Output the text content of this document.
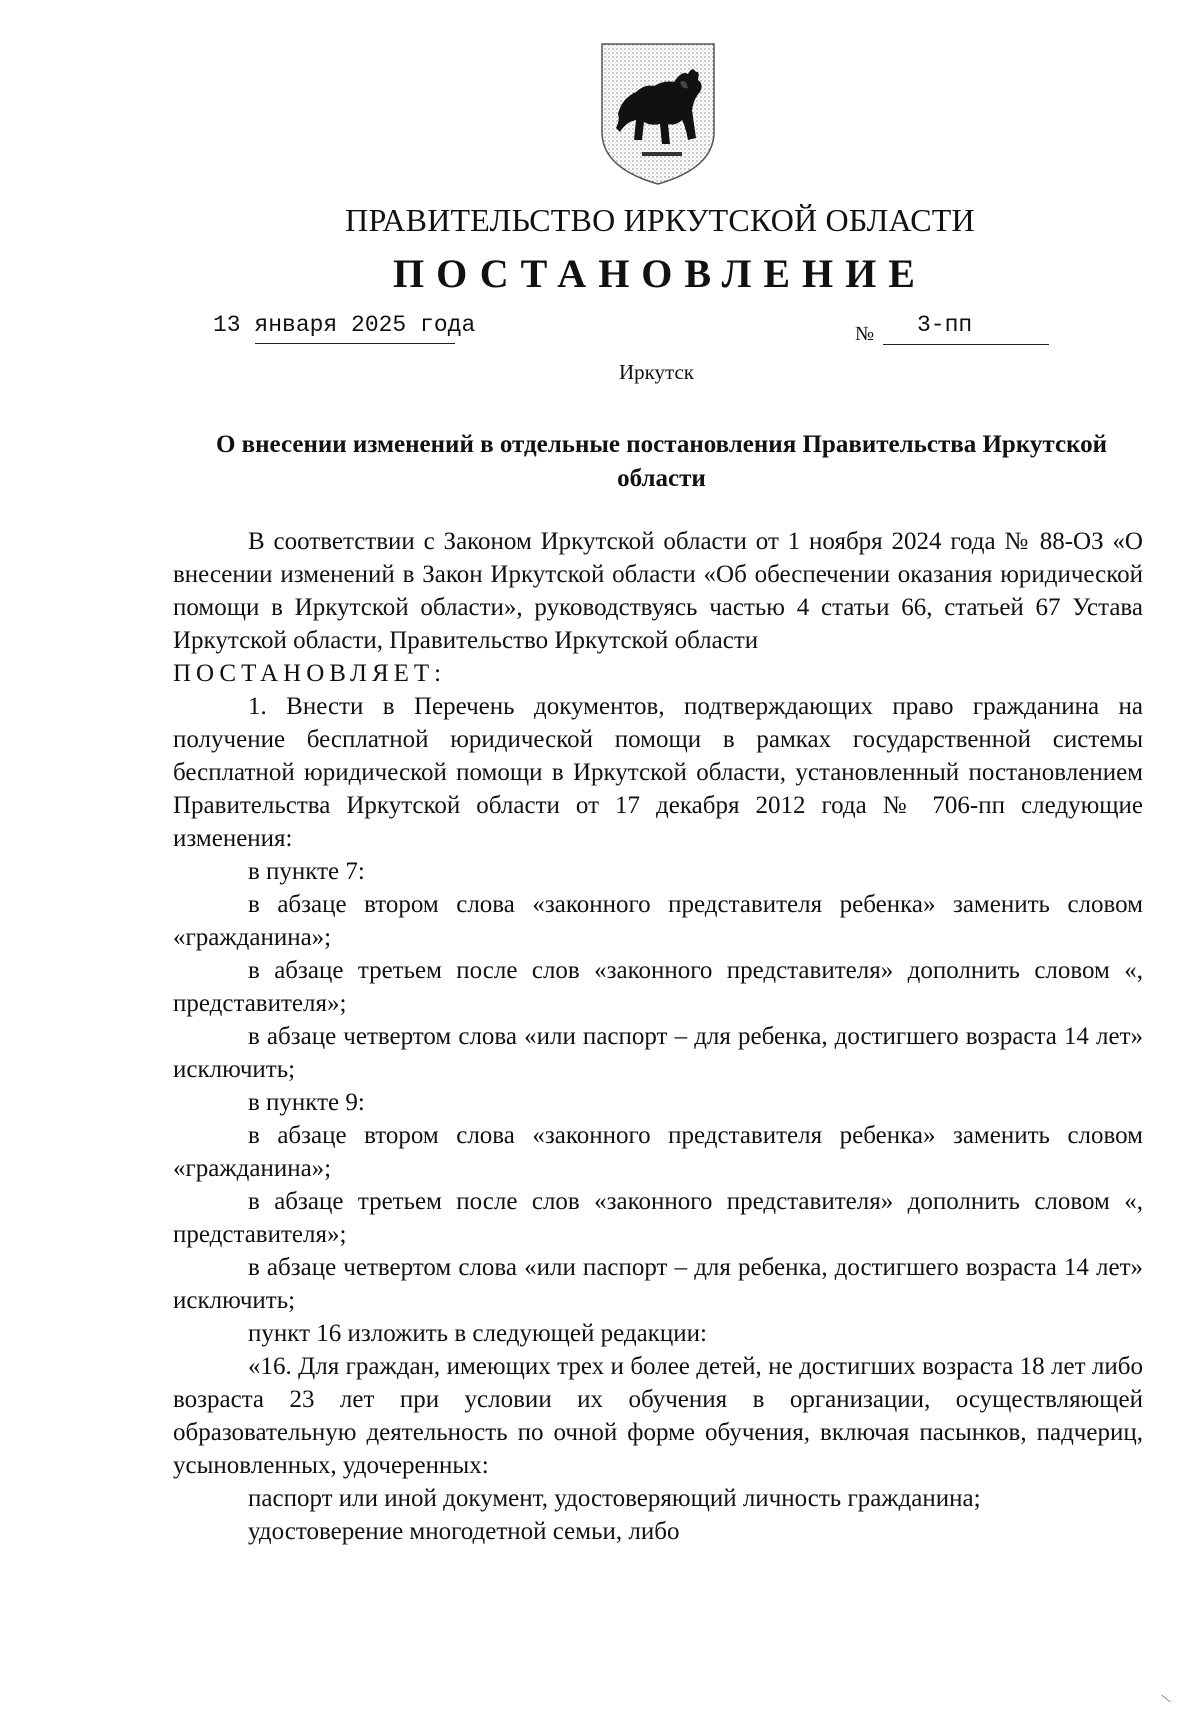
ПРАВИТЕЛЬСТВО ИРКУТСКОЙ ОБЛАСТИ
ПОСТАНОВЛЕНИЕ
13 января 2025 года	№ 3-пп
Иркутск
О внесении изменений в отдельные постановления Правительства Иркутской области

В соответствии с Законом Иркутской области от 1 ноября 2024 года № 88-ОЗ «О внесении изменений в Закон Иркутской области «Об обеспечении оказания юридической помощи в Иркутской области», руководствуясь частью 4 статьи 66, статьей 67 Устава Иркутской области, Правительство Иркутской области

ПОСТАНОВЛЯЕТ:

1. Внести в Перечень документов, подтверждающих право гражданина на получение бесплатной юридической помощи в рамках государственной системы бесплатной юридической помощи в Иркутской области, установленный постановлением Правительства Иркутской области от 17 декабря 2012 года № 706-пп следующие изменения:

в пункте 7:

в абзаце втором слова «законного представителя ребенка» заменить словом «гражданина»;

в абзаце третьем после слов «законного представителя» дополнить словом «, представителя»;

в абзаце четвертом слова «или паспорт – для ребенка, достигшего возраста 14 лет» исключить;

в пункте 9:

в абзаце втором слова «законного представителя ребенка» заменить словом «гражданина»;

в абзаце третьем после слов «законного представителя» дополнить словом «, представителя»;

в абзаце четвертом слова «или паспорт – для ребенка, достигшего возраста 14 лет» исключить;

пункт 16 изложить в следующей редакции:

«16. Для граждан, имеющих трех и более детей, не достигших возраста 18 лет либо возраста 23 лет при условии их обучения в организации, осуществляющей образовательную деятельность по очной форме обучения, включая пасынков, падчериц, усыновленных, удочеренных:

паспорт или иной документ, удостоверяющий личность гражданина;

удостоверение многодетной семьи, либо

/
